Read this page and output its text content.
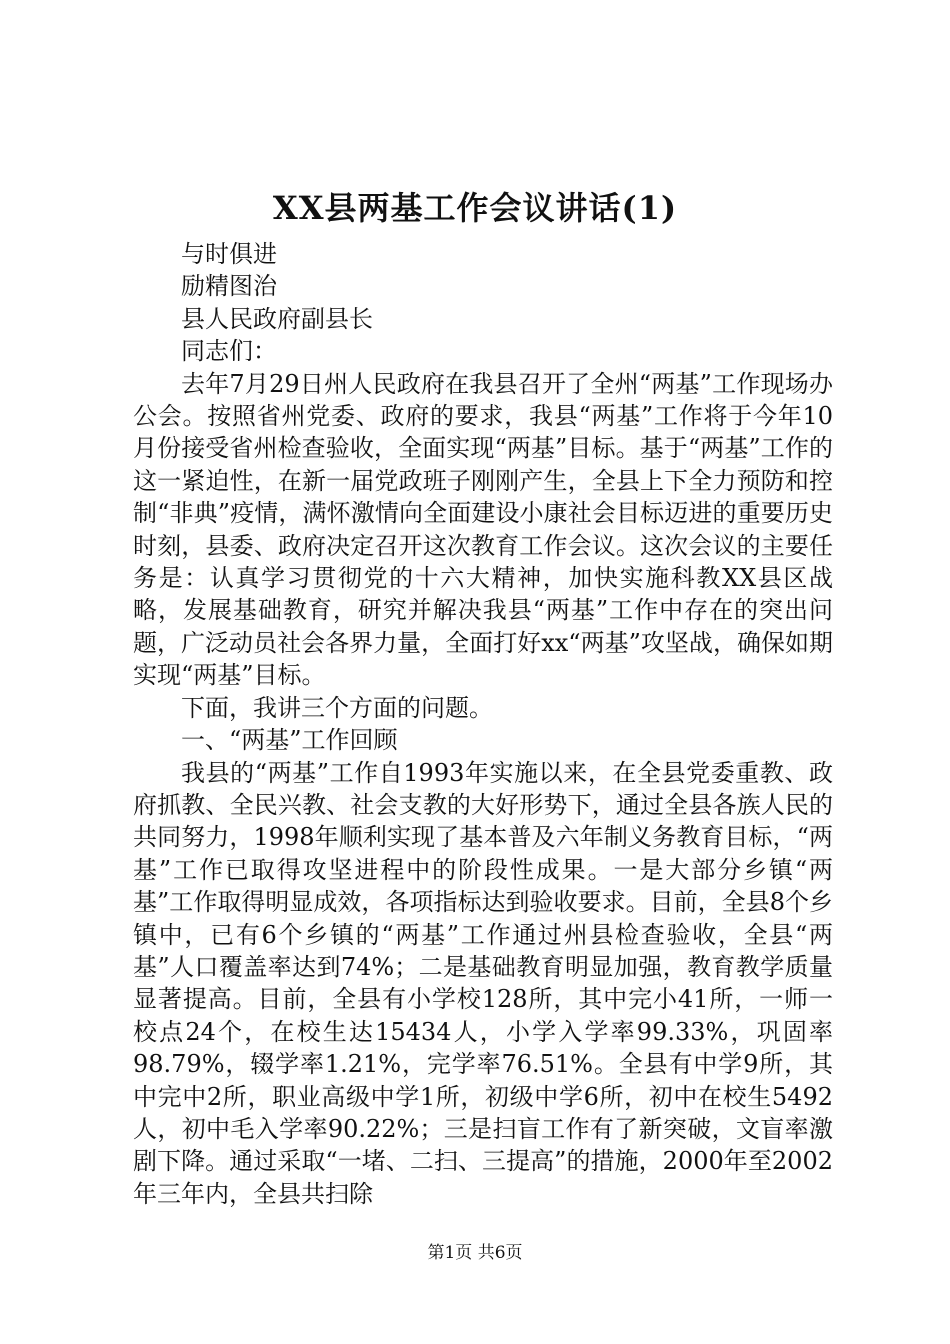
XX县两基工作会议讲话(1)

与时俱进

励精图治

县人民政府副县长

同志们：

去年7月29日州人民政府在我县召开了全州“两基”工作现场办公会。按照省州党委、政府的要求，我县“两基”工作将于今年10月份接受省州检查验收，全面实现“两基”目标。基于“两基”工作的这一紧迫性，在新一届党政班子刚刚产生，全县上下全力预防和控制“非典”疫情，满怀激情向全面建设小康社会目标迈进的重要历史时刻，县委、政府决定召开这次教育工作会议。这次会议的主要任务是：认真学习贯彻党的十六大精神，加快实施科教XX县区战略，发展基础教育，研究并解决我县“两基”工作中存在的突出问题，广泛动员社会各界力量，全面打好xx“两基”攻坚战，确保如期实现“两基”目标。

下面，我讲三个方面的问题。

一、“两基”工作回顾

我县的“两基”工作自1993年实施以来，在全县党委重教、政府抓教、全民兴教、社会支教的大好形势下，通过全县各族人民的共同努力，1998年顺利实现了基本普及六年制义务教育目标，“两基”工作已取得攻坚进程中的阶段性成果。一是大部分乡镇“两基”工作取得明显成效，各项指标达到验收要求。目前，全县8个乡镇中，已有6个乡镇的“两基”工作通过州县检查验收，全县“两基”人口覆盖率达到74%；二是基础教育明显加强，教育教学质量显著提高。目前，全县有小学校128所，其中完小41所，一师一校点24个，在校生达15434人，小学入学率99.33%，巩固率98.79%，辍学率1.21%，完学率76.51%。全县有中学9所，其中完中2所，职业高级中学1所，初级中学6所，初中在校生5492人，初中毛入学率90.22%；三是扫盲工作有了新突破，文盲率激剧下降。通过采取“一堵、二扫、三提高”的措施，2000年至2002年三年内，全县共扫除

第1页 共6页
